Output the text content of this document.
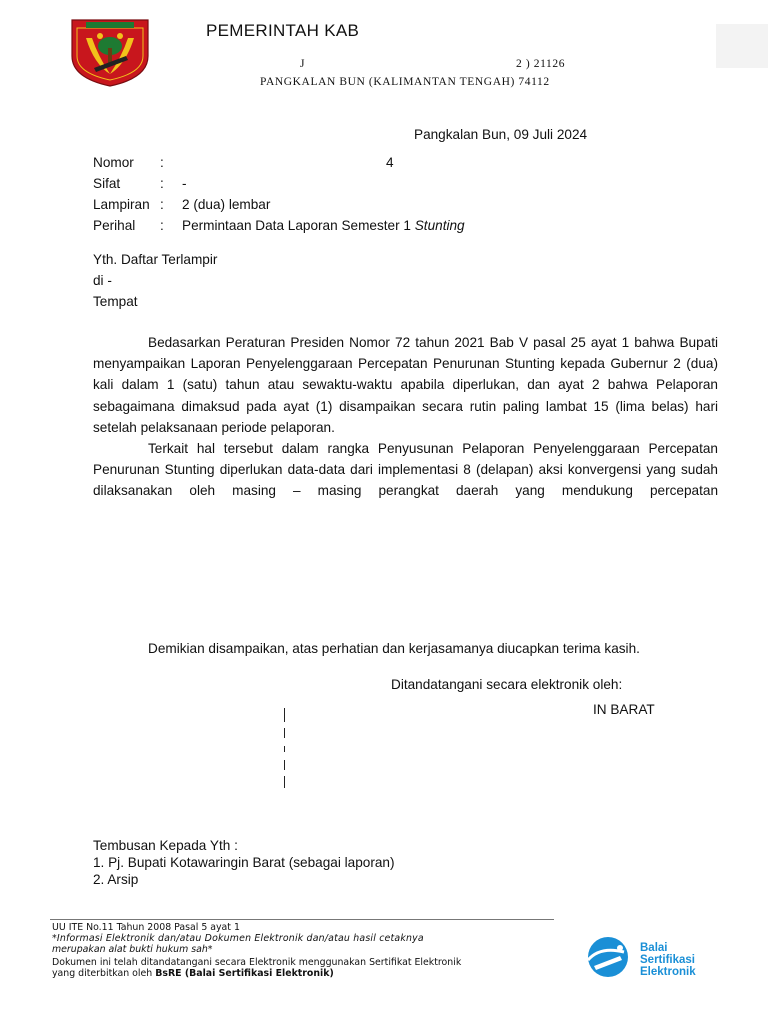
PEMERINTAH KAB
J	2 ) 21126
PANGKALAN BUN (KALIMANTAN TENGAH) 74112
Pangkalan Bun, 09 Juli 2024
Nomor :	4
Sifat	: -
Lampiran : 2 (dua) lembar
Perihal : Permintaan Data Laporan Semester 1 Stunting
Yth. Daftar Terlampir
di -
Tempat

Bedasarkan Peraturan Presiden Nomor 72 tahun 2021 Bab V pasal 25 ayat 1 bahwa Bupati menyampaikan Laporan Penyelenggaraan Percepatan Penurunan Stunting kepada Gubernur 2 (dua) kali dalam 1 (satu) tahun atau sewaktu-waktu apabila diperlukan, dan ayat 2 bahwa Pelaporan sebagaimana dimaksud pada ayat (1) disampaikan secara rutin paling lambat 15 (lima belas) hari setelah pelaksanaan periode pelaporan.

Terkait hal tersebut dalam rangka Penyusunan Pelaporan Penyelenggaraan Percepatan Penurunan Stunting diperlukan data-data dari implementasi 8 (delapan) aksi konvergensi yang sudah dilaksanakan oleh masing – masing perangkat daerah yang mendukung percepatan

Demikian disampaikan, atas perhatian dan kerjasamanya diucapkan terima kasih.
Ditandatangani secara elektronik oleh:
IN BARAT
Tembusan Kepada Yth :
1. Pj. Bupati Kotawaringin Barat (sebagai laporan)
2. Arsip
UU ITE No.11 Tahun 2008 Pasal 5 ayat 1
*Informasi Elektronik dan/atau Dokumen Elektronik dan/atau hasil cetaknya
merupakan alat bukti hukum sah*
Dokumen ini telah ditandatangani secara Elektronik menggunakan Sertifikat Elektronik
yang diterbitkan oleh BsRE (Balai Sertifikasi Elektronik)
Balai
Sertifikasi
Elektronik
